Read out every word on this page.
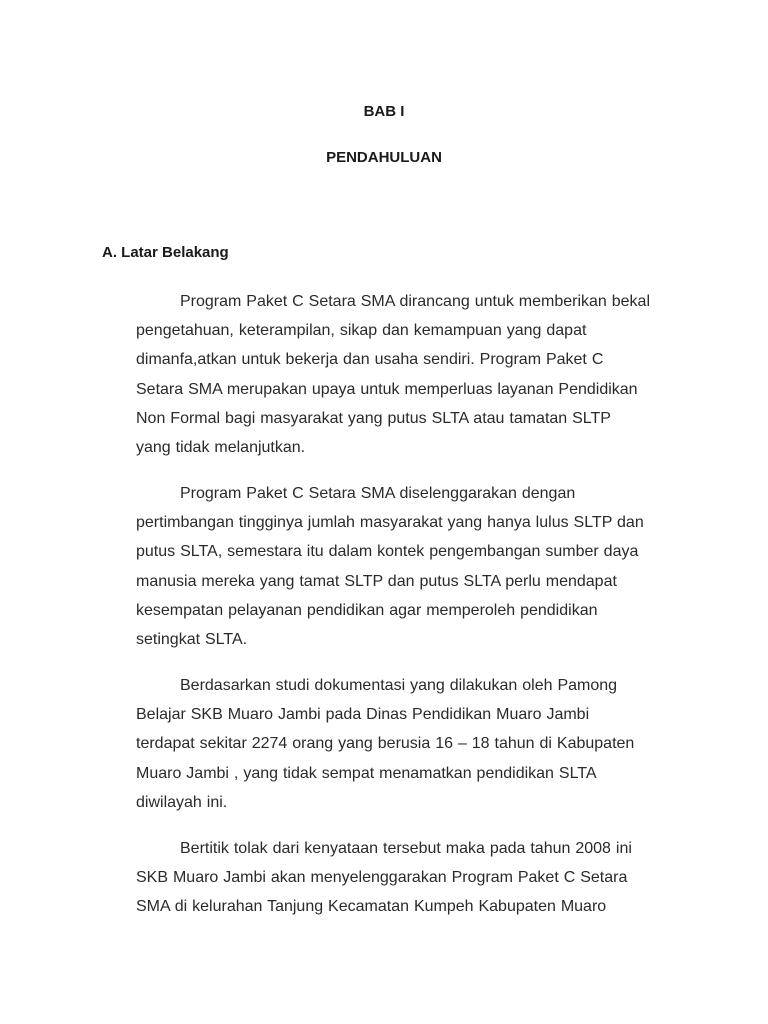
BAB I
PENDAHULUAN
A. Latar Belakang
Program Paket C Setara SMA dirancang untuk memberikan bekal
pengetahuan, keterampilan, sikap dan kemampuan yang dapat
dimanfa,atkan untuk bekerja dan usaha sendiri. Program Paket C
Setara SMA merupakan upaya untuk memperluas layanan Pendidikan
Non Formal bagi masyarakat yang putus SLTA atau tamatan SLTP
yang tidak melanjutkan.
Program Paket C Setara SMA diselenggarakan dengan
pertimbangan tingginya jumlah masyarakat yang hanya lulus SLTP dan
putus SLTA, semestara itu dalam kontek pengembangan sumber daya
manusia mereka yang tamat SLTP dan putus SLTA perlu mendapat
kesempatan pelayanan pendidikan agar memperoleh pendidikan
setingkat SLTA.
Berdasarkan studi dokumentasi yang dilakukan oleh Pamong
Belajar SKB Muaro Jambi pada Dinas Pendidikan Muaro Jambi
terdapat sekitar 2274 orang yang berusia 16 – 18 tahun di Kabupaten
Muaro Jambi , yang tidak sempat menamatkan pendidikan SLTA
diwilayah ini.
Bertitik tolak dari kenyataan tersebut maka pada tahun 2008 ini
SKB Muaro Jambi akan menyelenggarakan Program Paket C Setara
SMA di kelurahan Tanjung Kecamatan Kumpeh Kabupaten Muaro
